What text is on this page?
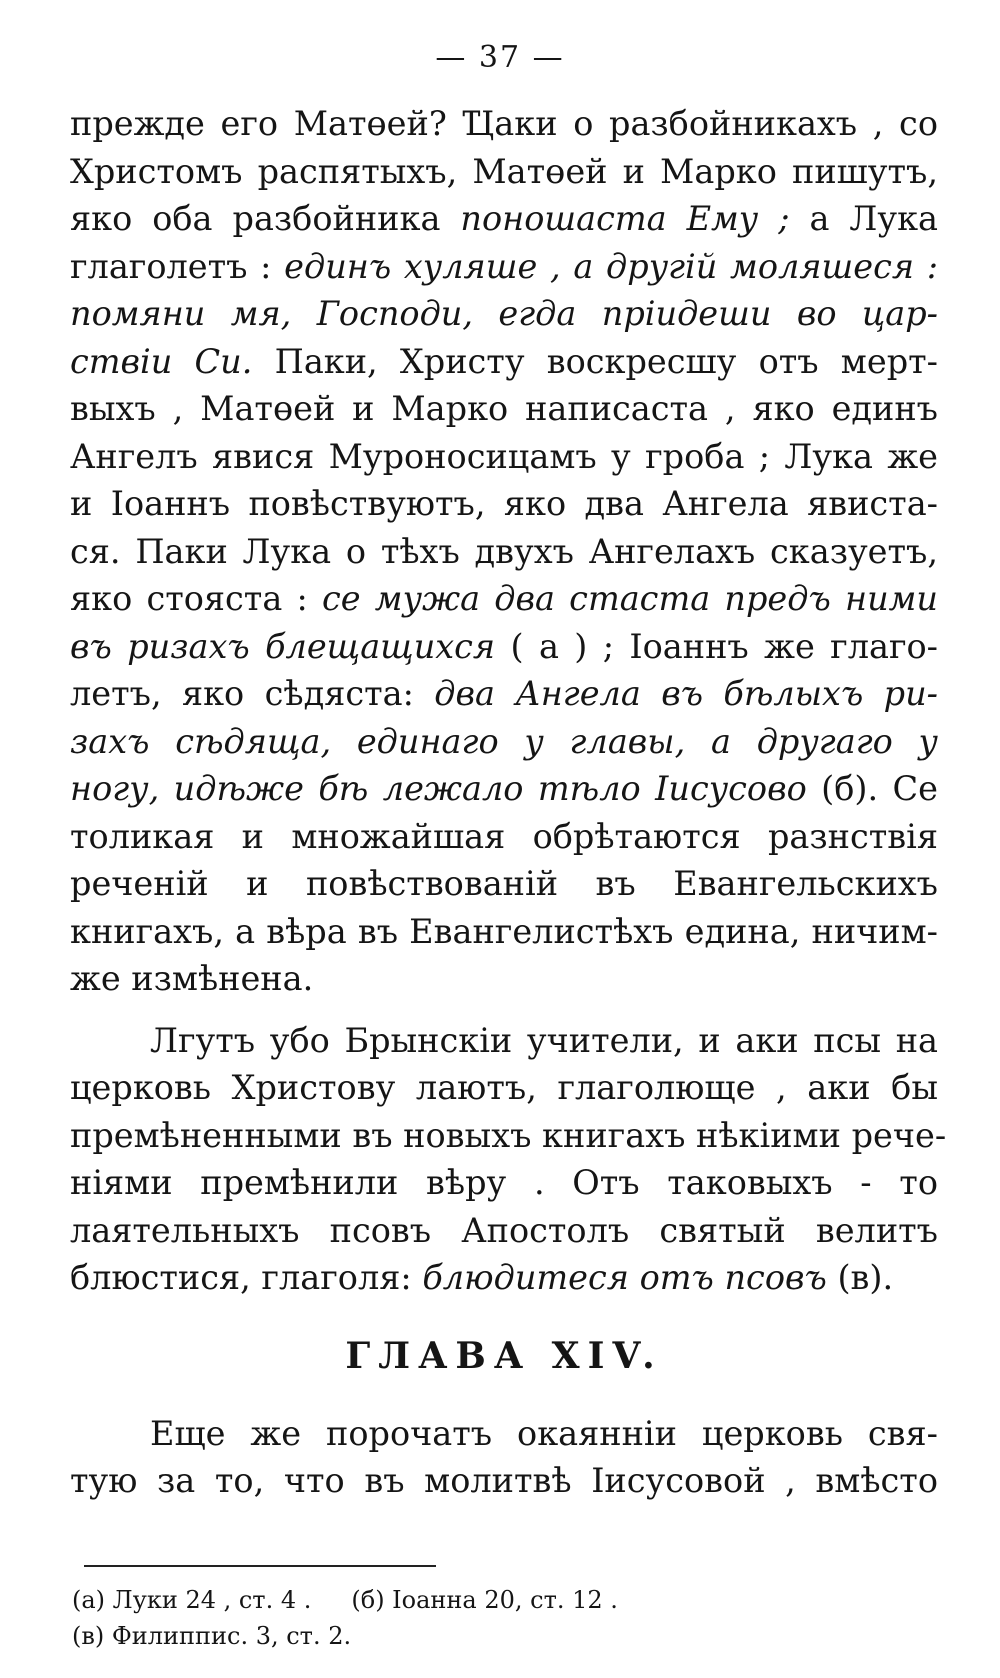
— 37 —
прежде его Матөей? Ҵаки о разбойникахъ , со
Христомъ распятыхъ, Матөей и Марко пишутъ,
яко оба разбойника поношаста Ему ; а Лука
глаголетъ : единъ хуляше , а другій моляшеся :
помяни мя, Господи, егда пріидеши во цар-
ствіи Си. Паки, Христу воскресшу отъ мерт-
выхъ , Матөей и Марко написаста , яко единъ
Ангелъ явися Муроносицамъ у гроба ; Лука же
и Іоаннъ повѣствуютъ, яко два Ангела явиста-
ся. Паки Лука о тѣхъ двухъ Ангелахъ сказуетъ,
яко стояста : се мужа два стаста предъ ними
въ ризахъ блещащихся ( а ) ; Іоаннъ же глаго-
летъ, яко сѣдяста: два Ангела въ бѣлыхъ ри-
захъ сѣдяща, единаго у главы, а другаго у
ногу, идѣже бѣ лежало тѣло Іисусово (б). Се
толикая и множайшая обрѣтаются разнствія
реченій и повѣствованій въ Евангельскихъ
книгахъ, а вѣра въ Евангелистѣхъ едина, ничим-
же измѣнена.
Лгутъ убо Брынскіи учители, и аки псы на
церковь Христову лаютъ, глаголюще , аки бы
премѣненными въ новыхъ книгахъ нѣкіими рече-
ніями премѣнили вѣру . Отъ таковыхъ - то
лаятельныхъ псовъ Апостолъ святый велитъ
блюстися, глаголя: блюдитеся отъ псовъ (в).
ГЛАВА XIV.
Еще же порочатъ окаянніи церковь свя-
тую за то, что въ молитвѣ Іисусовой , вмѣсто
(а) Луки 24 , ст. 4 . (б) Іоанна 20, ст. 12 .
(в) Филиппис. 3, ст. 2.
